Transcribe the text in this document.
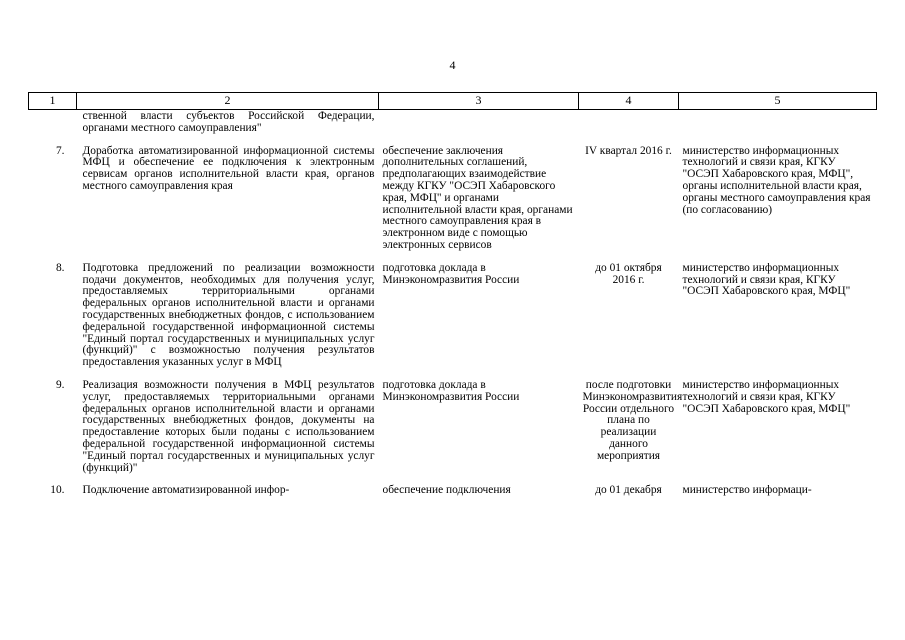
4
1	2	3	4	5
	ственной власти субъектов Российской Федерации, органами местного самоуправления"			
7.	Доработка автоматизированной информационной системы МФЦ и обеспечение ее подключения к электронным сервисам органов исполнительной власти края, органов местного самоуправления края	обеспечение заключения дополнительных соглашений, предполагающих взаимодействие между КГКУ "ОСЭП Хабаровского края, МФЦ" и органами исполнительной власти края, органами местного самоуправления края в электронном виде с помощью электронных сервисов	IV квартал 2016 г.	министерство информационных технологий и связи края, КГКУ "ОСЭП Хабаровского края, МФЦ", органы исполнительной власти края, органы местного самоуправления края (по согласованию)
8.	Подготовка предложений по реализации возможности подачи документов, необходимых для получения услуг, предоставляемых территориальными органами федеральных органов исполнительной власти и органами государственных внебюджетных фондов, с использованием федеральной государственной информационной системы "Единый портал государственных и муниципальных услуг (функций)" с возможностью получения результатов предоставления указанных услуг в МФЦ	подготовка доклада в Минэкономразвития России	до 01 октября 2016 г.	министерство информационных технологий и связи края, КГКУ "ОСЭП Хабаровского края, МФЦ"
9.	Реализация возможности получения в МФЦ результатов услуг, предоставляемых территориальными органами федеральных органов исполнительной власти и органами государственных внебюджетных фондов, документы на предоставление которых были поданы с использованием федеральной государственной информационной системы "Единый портал государственных и муниципальных услуг (функций)"	подготовка доклада в Минэкономразвития России	после подготовки Минэкономразвития России отдельного плана по реализации данного мероприятия	министерство информационных технологий и связи края, КГКУ "ОСЭП Хабаровского края, МФЦ"
10.	Подключение автоматизированной инфор-	обеспечение подключения	до 01 декабря	министерство информаци-
